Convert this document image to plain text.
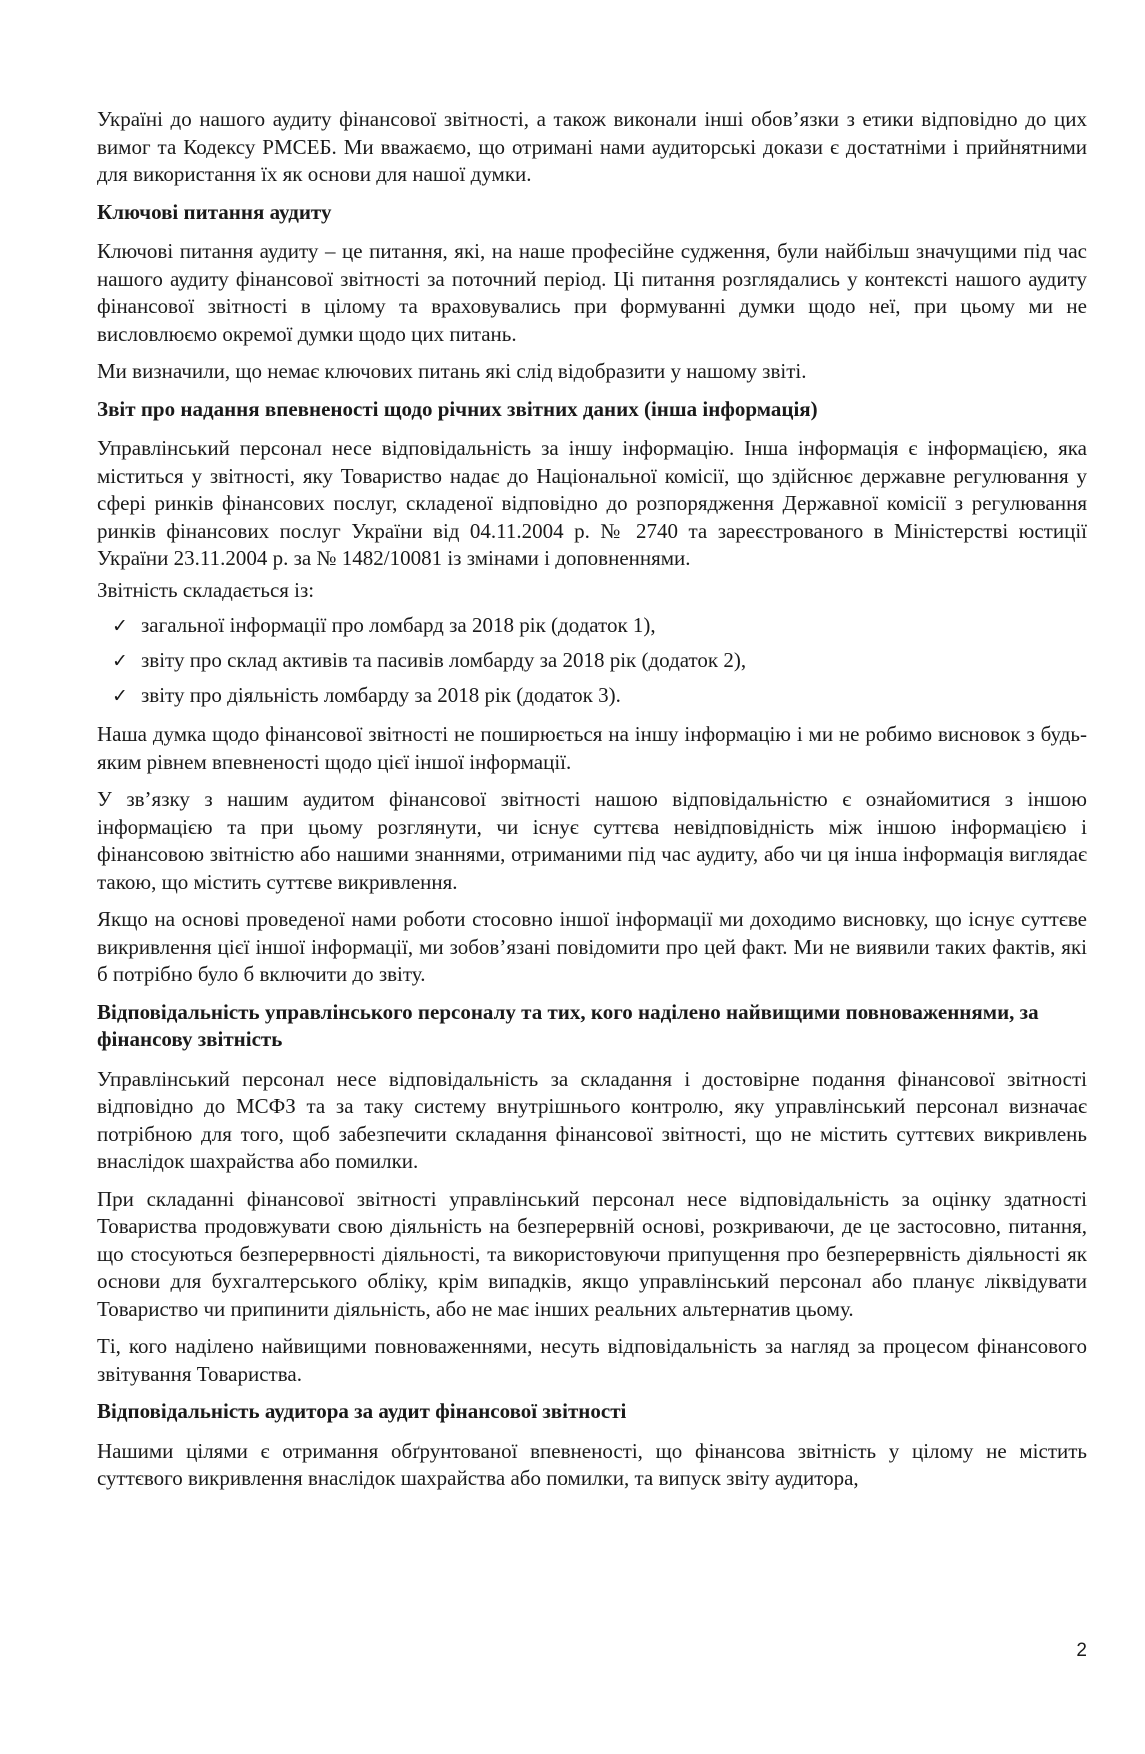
Україні до нашого аудиту фінансової звітності, а також виконали інші обов’язки з етики відповідно до цих вимог та Кодексу РМСЕБ. Ми вважаємо, що отримані нами аудиторські докази є достатніми і прийнятними для використання їх як основи для нашої думки.

Ключові питання аудиту

Ключові питання аудиту – це питання, які, на наше професійне судження, були найбільш значущими під час нашого аудиту фінансової звітності за поточний період. Ці питання розглядались у контексті нашого аудиту фінансової звітності в цілому та враховувались при формуванні думки щодо неї, при цьому ми не висловлюємо окремої думки щодо цих питань.

Ми визначили, що немає ключових питань які слід відобразити у нашому звіті.

Звіт про надання впевненості щодо річних звітних даних (інша інформація)

Управлінський персонал несе відповідальність за іншу інформацію. Інша інформація є інформацією, яка міститься у звітності, яку Товариство надає до Національної комісії, що здійснює державне регулювання у сфері ринків фінансових послуг, складеної відповідно до розпорядження Державної комісії з регулювання ринків фінансових послуг України від 04.11.2004 р. № 2740 та зареєстрованого в Міністерстві юстиції України 23.11.2004 р. за № 1482/10081 із змінами і доповненнями.

Звітність складається із:

✓ загальної інформації про ломбард за 2018 рік (додаток 1),
✓ звіту про склад активів та пасивів ломбарду за 2018 рік (додаток 2),
✓ звіту про діяльність ломбарду за 2018 рік (додаток 3).

Наша думка щодо фінансової звітності не поширюється на іншу інформацію і ми не робимо висновок з будь-яким рівнем впевненості щодо цієї іншої інформації.

У зв’язку з нашим аудитом фінансової звітності нашою відповідальністю є ознайомитися з іншою інформацією та при цьому розглянути, чи існує суттєва невідповідність між іншою інформацією і фінансовою звітністю або нашими знаннями, отриманими під час аудиту, або чи ця інша інформація виглядає такою, що містить суттєве викривлення.

Якщо на основі проведеної нами роботи стосовно іншої інформації ми доходимо висновку, що існує суттєве викривлення цієї іншої інформації, ми зобов’язані повідомити про цей факт. Ми не виявили таких фактів, які б потрібно було б включити до звіту.

Відповідальність управлінського персоналу та тих, кого наділено найвищими повноваженнями, за фінансову звітність

Управлінський персонал несе відповідальність за складання і достовірне подання фінансової звітності відповідно до МСФЗ та за таку систему внутрішнього контролю, яку управлінський персонал визначає потрібною для того, щоб забезпечити складання фінансової звітності, що не містить суттєвих викривлень внаслідок шахрайства або помилки.

При складанні фінансової звітності управлінський персонал несе відповідальність за оцінку здатності Товариства продовжувати свою діяльність на безперервній основі, розкриваючи, де це застосовно, питання, що стосуються безперервності діяльності, та використовуючи припущення про безперервність діяльності як основи для бухгалтерського обліку, крім випадків, якщо управлінський персонал або планує ліквідувати Товариство чи припинити діяльність, або не має інших реальних альтернатив цьому.

Ті, кого наділено найвищими повноваженнями, несуть відповідальність за нагляд за процесом фінансового звітування Товариства.

Відповідальність аудитора за аудит фінансової звітності

Нашими цілями є отримання обґрунтованої впевненості, що фінансова звітність у цілому не містить суттєвого викривлення внаслідок шахрайства або помилки, та випуск звіту аудитора,

2
